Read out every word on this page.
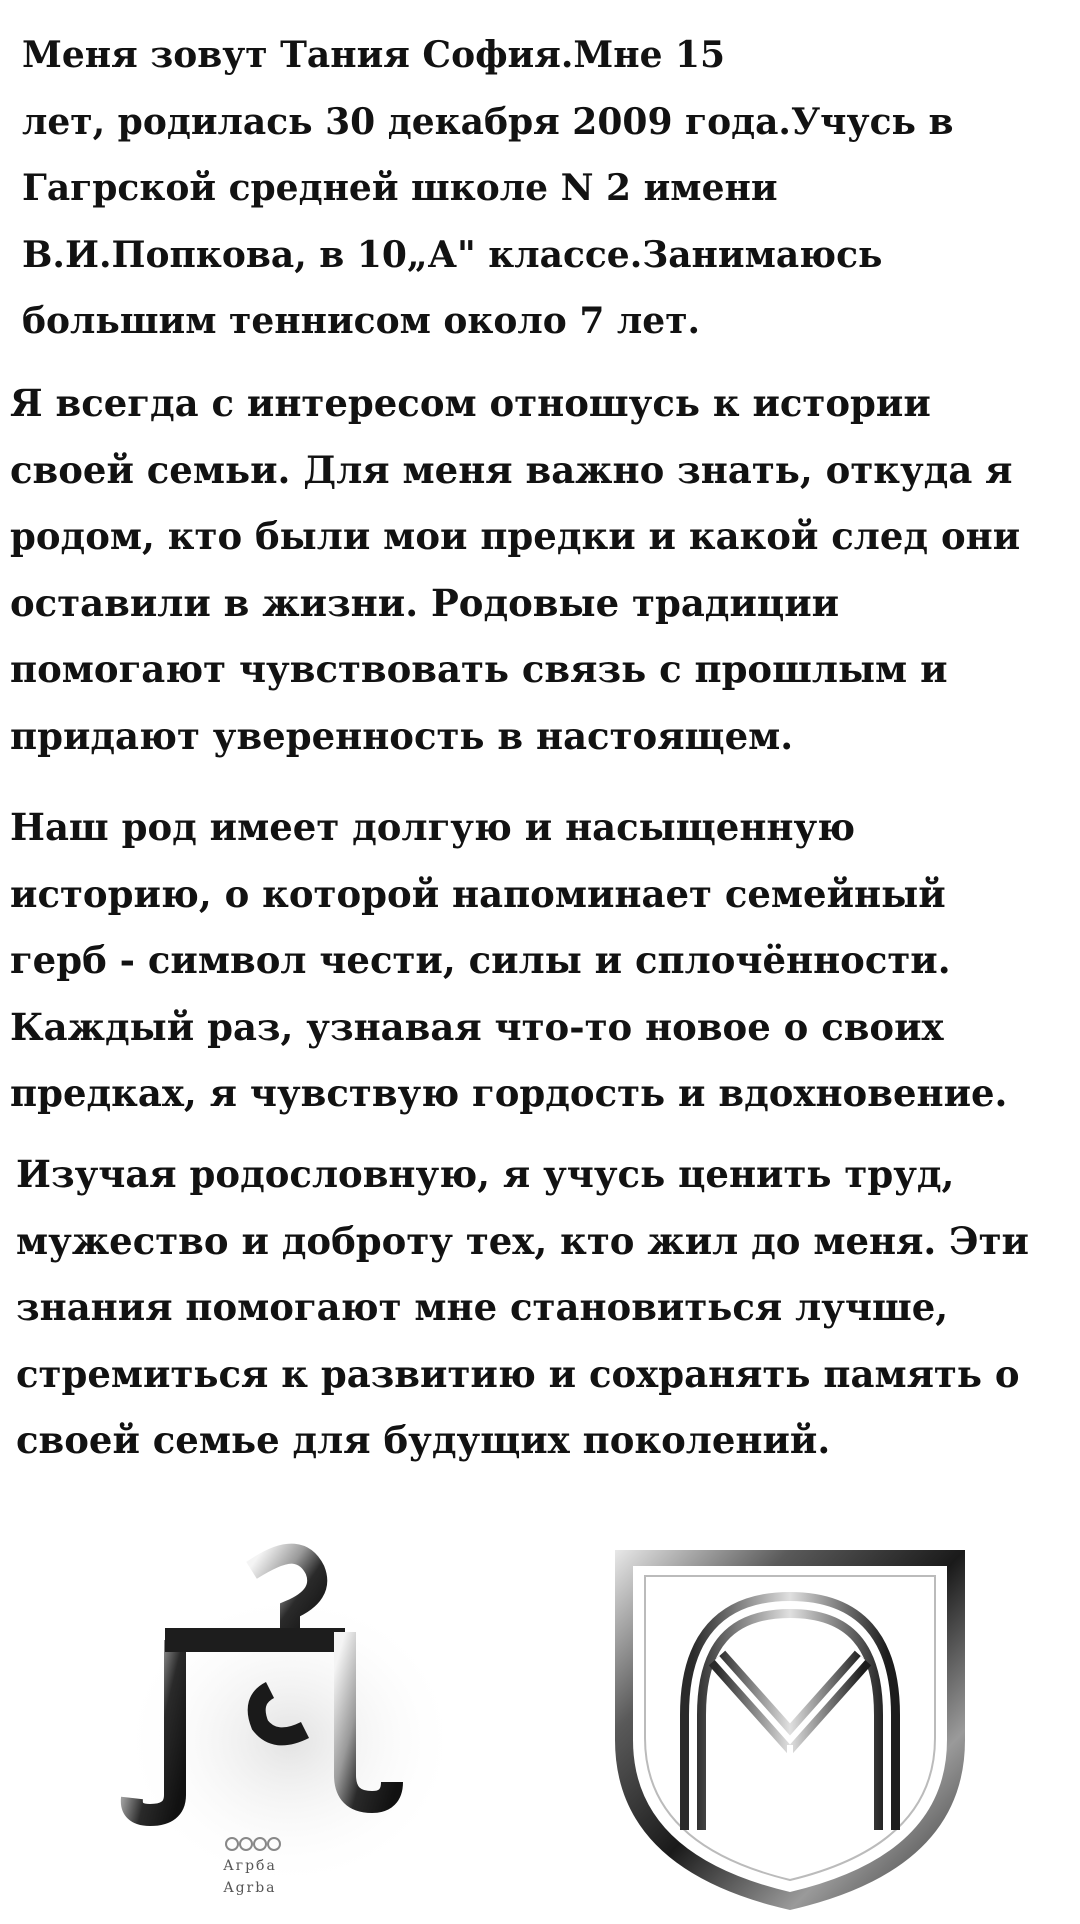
Меня зовут Тания София.Мне 15
лет, родилась 30 декабря 2009 года.Учусь в
Гагрской средней школе N 2 имени
В.И.Попкова, в 10„А" классе.Занимаюсь
большим теннисом около 7 лет.
Я всегда с интересом отношусь к истории
своей семьи. Для меня важно знать, откуда я
родом, кто были мои предки и какой след они
оставили в жизни. Родовые традиции
помогают чувствовать связь с прошлым и
придают уверенность в настоящем.
Наш род имеет долгую и насыщенную
историю, о которой напоминает семейный
герб - символ чести, силы и сплочённости.
Каждый раз, узнавая что-то новое о своих
предках, я чувствую гордость и вдохновение.
Изучая родословную, я учусь ценить труд,
мужество и доброту тех, кто жил до меня. Эти
знания помогают мне становиться лучше,
стремиться к развитию и сохранять память о
своей семье для будущих поколений.
Агрба
Agrba
